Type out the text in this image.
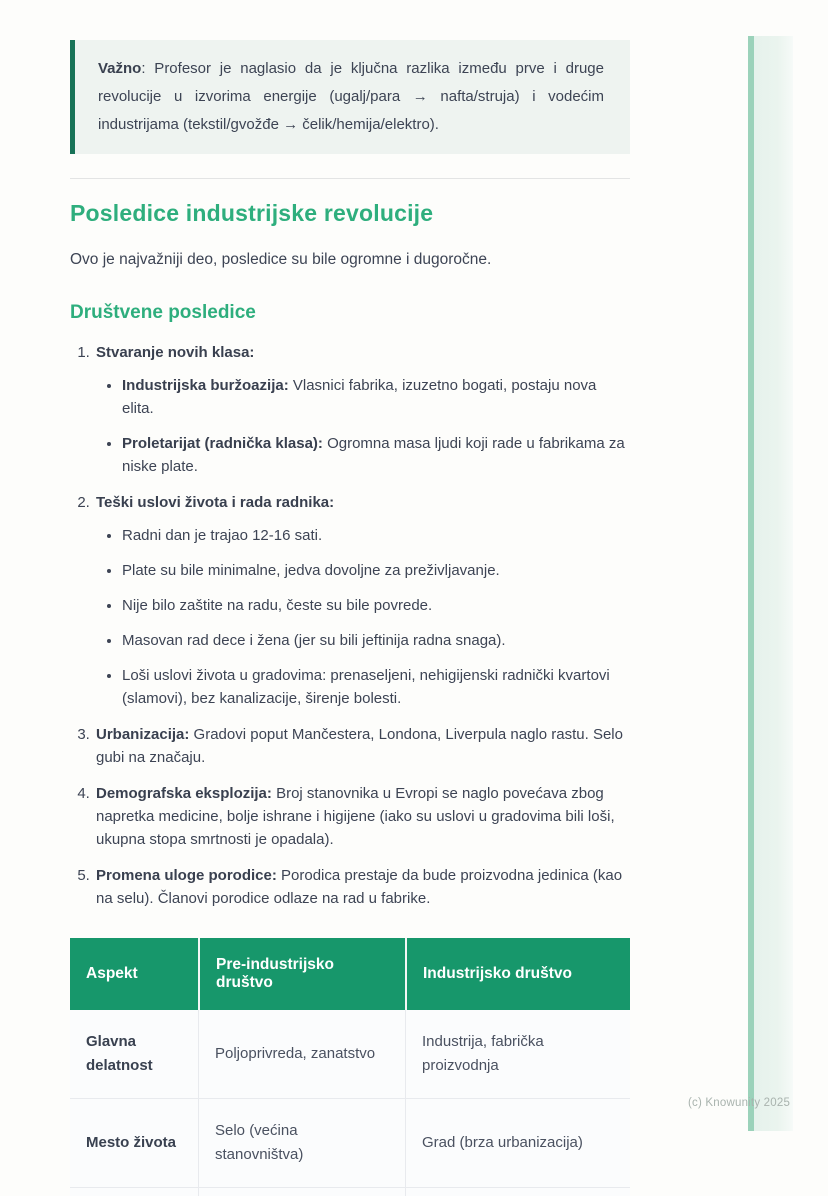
Važno: Profesor je naglasio da je ključna razlika između prve i druge revolucije u izvorima energije (ugalj/para → nafta/struja) i vodećim industrijama (tekstil/gvožđe → čelik/hemija/elektro).
Posledice industrijske revolucije

Ovo je najvažniji deo, posledice su bile ogromne i dugoročne.

Društvene posledice
1. Stvaranje novih klasa:
• Industrijska buržoazija: Vlasnici fabrika, izuzetno bogati, postaju nova elita.
• Proletarijat (radnička klasa): Ogromna masa ljudi koji rade u fabrikama za niske plate.
2. Teški uslovi života i rada radnika:
• Radni dan je trajao 12-16 sati.
• Plate su bile minimalne, jedva dovoljne za preživljavanje.
• Nije bilo zaštite na radu, česte su bile povrede.
• Masovan rad dece i žena (jer su bili jeftinija radna snaga).
• Loši uslovi života u gradovima: prenaseljeni, nehigijenski radnički kvartovi (slamovi), bez kanalizacije, širenje bolesti.
3. Urbanizacija: Gradovi poput Mančestera, Londona, Liverpula naglo rastu. Selo gubi na značaju.
4. Demografska eksplozija: Broj stanovnika u Evropi se naglo povećava zbog napretka medicine, bolje ishrane i higijene (iako su uslovi u gradovima bili loši, ukupna stopa smrtnosti je opadala).
5. Promena uloge porodice: Porodica prestaje da bude proizvodna jedinica (kao na selu). Članovi porodice odlaze na rad u fabrike.
Aspekt	Pre-industrijsko društvo	Industrijsko društvo
Glavna delatnost	Poljoprivreda, zanatstvo	Industrija, fabrička proizvodnja
Mesto života	Selo (većina stanovništva)	Grad (brza urbanizacija)

(c) Knowunity 2025
